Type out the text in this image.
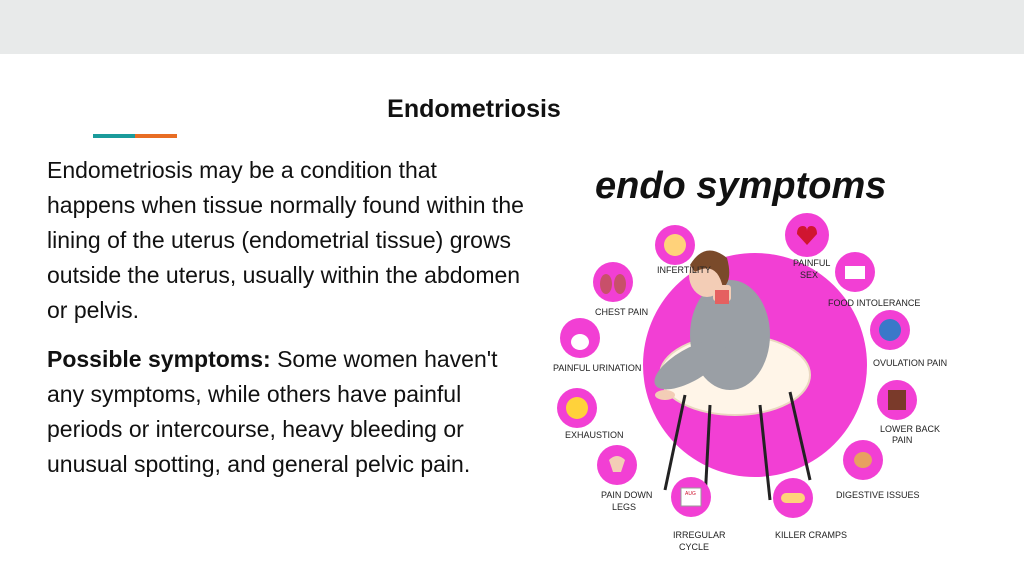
Endometriosis

Endometriosis may be a condition that happens when tissue normally found within the lining of the uterus (endometrial tissue) grows outside the uterus, usually within the abdomen or pelvis.

Possible symptoms: Some women haven't any symptoms, while others have painful periods or intercourse, heavy bleeding or unusual spotting, and general pelvic pain.

endo symptoms
INFERTILITY
PAINFUL
SEX
CHEST PAIN
FOOD INTOLERANCE
PAINFUL URINATION	OVULATION PAIN
EXHAUSTION
LOWER BACK
PAIN
PAIN DOWN
LEGS
DIGESTIVE ISSUES
AUG
IRREGULAR
CYCLE
KILLER CRAMPS
